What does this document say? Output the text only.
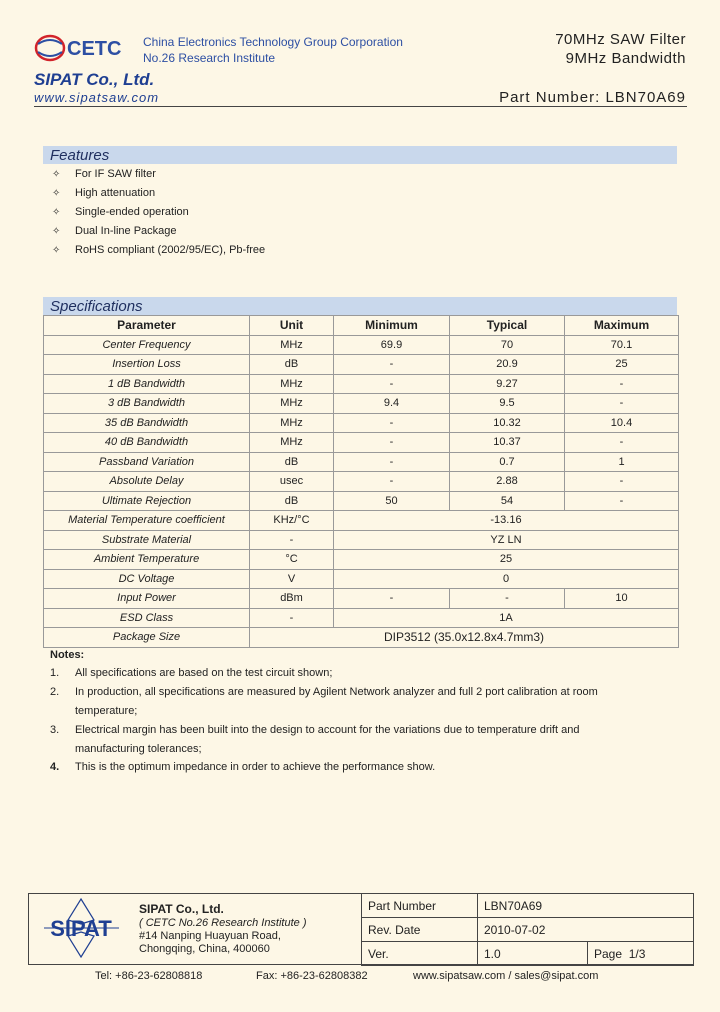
CETC China Electronics Technology Group Corporation
No.26 Research Institute
SIPAT Co., Ltd.
www.sipatsaw.com
70MHz SAW Filter
9MHz Bandwidth
Part Number: LBN70A69
Features
✧ For IF SAW filter
✧ High attenuation
✧ Single-ended operation
✧ Dual In-line Package
✧ RoHS compliant (2002/95/EC), Pb-free
Specifications
Parameter	Unit	Minimum	Typical	Maximum
Center Frequency	MHz	69.9	70	70.1
Insertion Loss	dB	-	20.9	25
1 dB Bandwidth	MHz	-	9.27	-
3 dB Bandwidth	MHz	9.4	9.5	-
35 dB Bandwidth	MHz	-	10.32	10.4
40 dB Bandwidth	MHz	-	10.37	-
Passband Variation	dB	-	0.7	1
Absolute Delay	usec	-	2.88	-
Ultimate Rejection	dB	50	54	-
Material Temperature coefficient	KHz/°C	-13.16		
Substrate Material	-	YZ LN		
Ambient Temperature	°C	25		
DC Voltage	V	0		
Input Power	dBm	-	-	10
ESD Class	-	1A		
Package Size	DIP3512 (35.0x12.8x4.7mm3)			
Notes:
1. All specifications are based on the test circuit shown;
2. In production, all specifications are measured by Agilent Network analyzer and full 2 port calibration at room temperature;
3. Electrical margin has been built into the design to account for the variations due to temperature drift and manufacturing tolerances;
4. This is the optimum impedance in order to achieve the performance show.
SIPAT
SIPAT Co., Ltd.
( CETC No.26 Research Institute )
#14 Nanping Huayuan Road,
Chongqing, China, 400060
Part Number	LBN70A69	
Rev. Date	2010-07-02	
Ver.	1.0	Page 1/3
Tel: +86-23-62808818	Fax: +86-23-62808382	www.sipatsaw.com / sales@sipat.com
